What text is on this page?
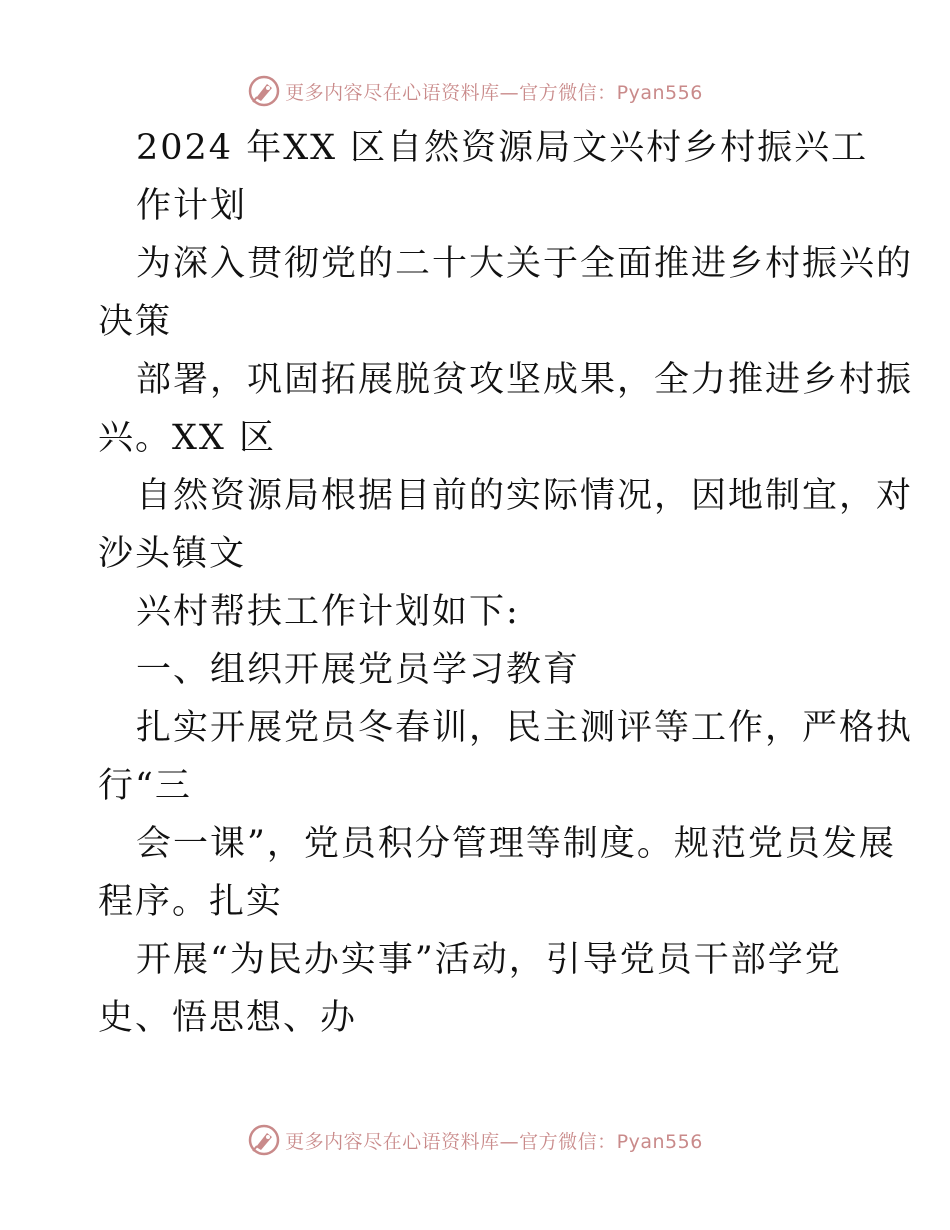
更多内容尽在心语资料库—官方微信：Pyan556
2024 年XX 区自然资源局文兴村乡村振兴工
作计划
为深入贯彻党的二十大关于全面推进乡村振兴的
决策
部署，巩固拓展脱贫攻坚成果，全力推进乡村振
兴。XX 区
自然资源局根据目前的实际情况，因地制宜，对
沙头镇文
兴村帮扶工作计划如下:
一、组织开展党员学习教育
扎实开展党员冬春训，民主测评等工作，严格执
行“三
会一课”，党员积分管理等制度。规范党员发展
程序。扎实
开展“为民办实事”活动，引导党员干部学党
史、悟思想、办
更多内容尽在心语资料库—官方微信：Pyan556
